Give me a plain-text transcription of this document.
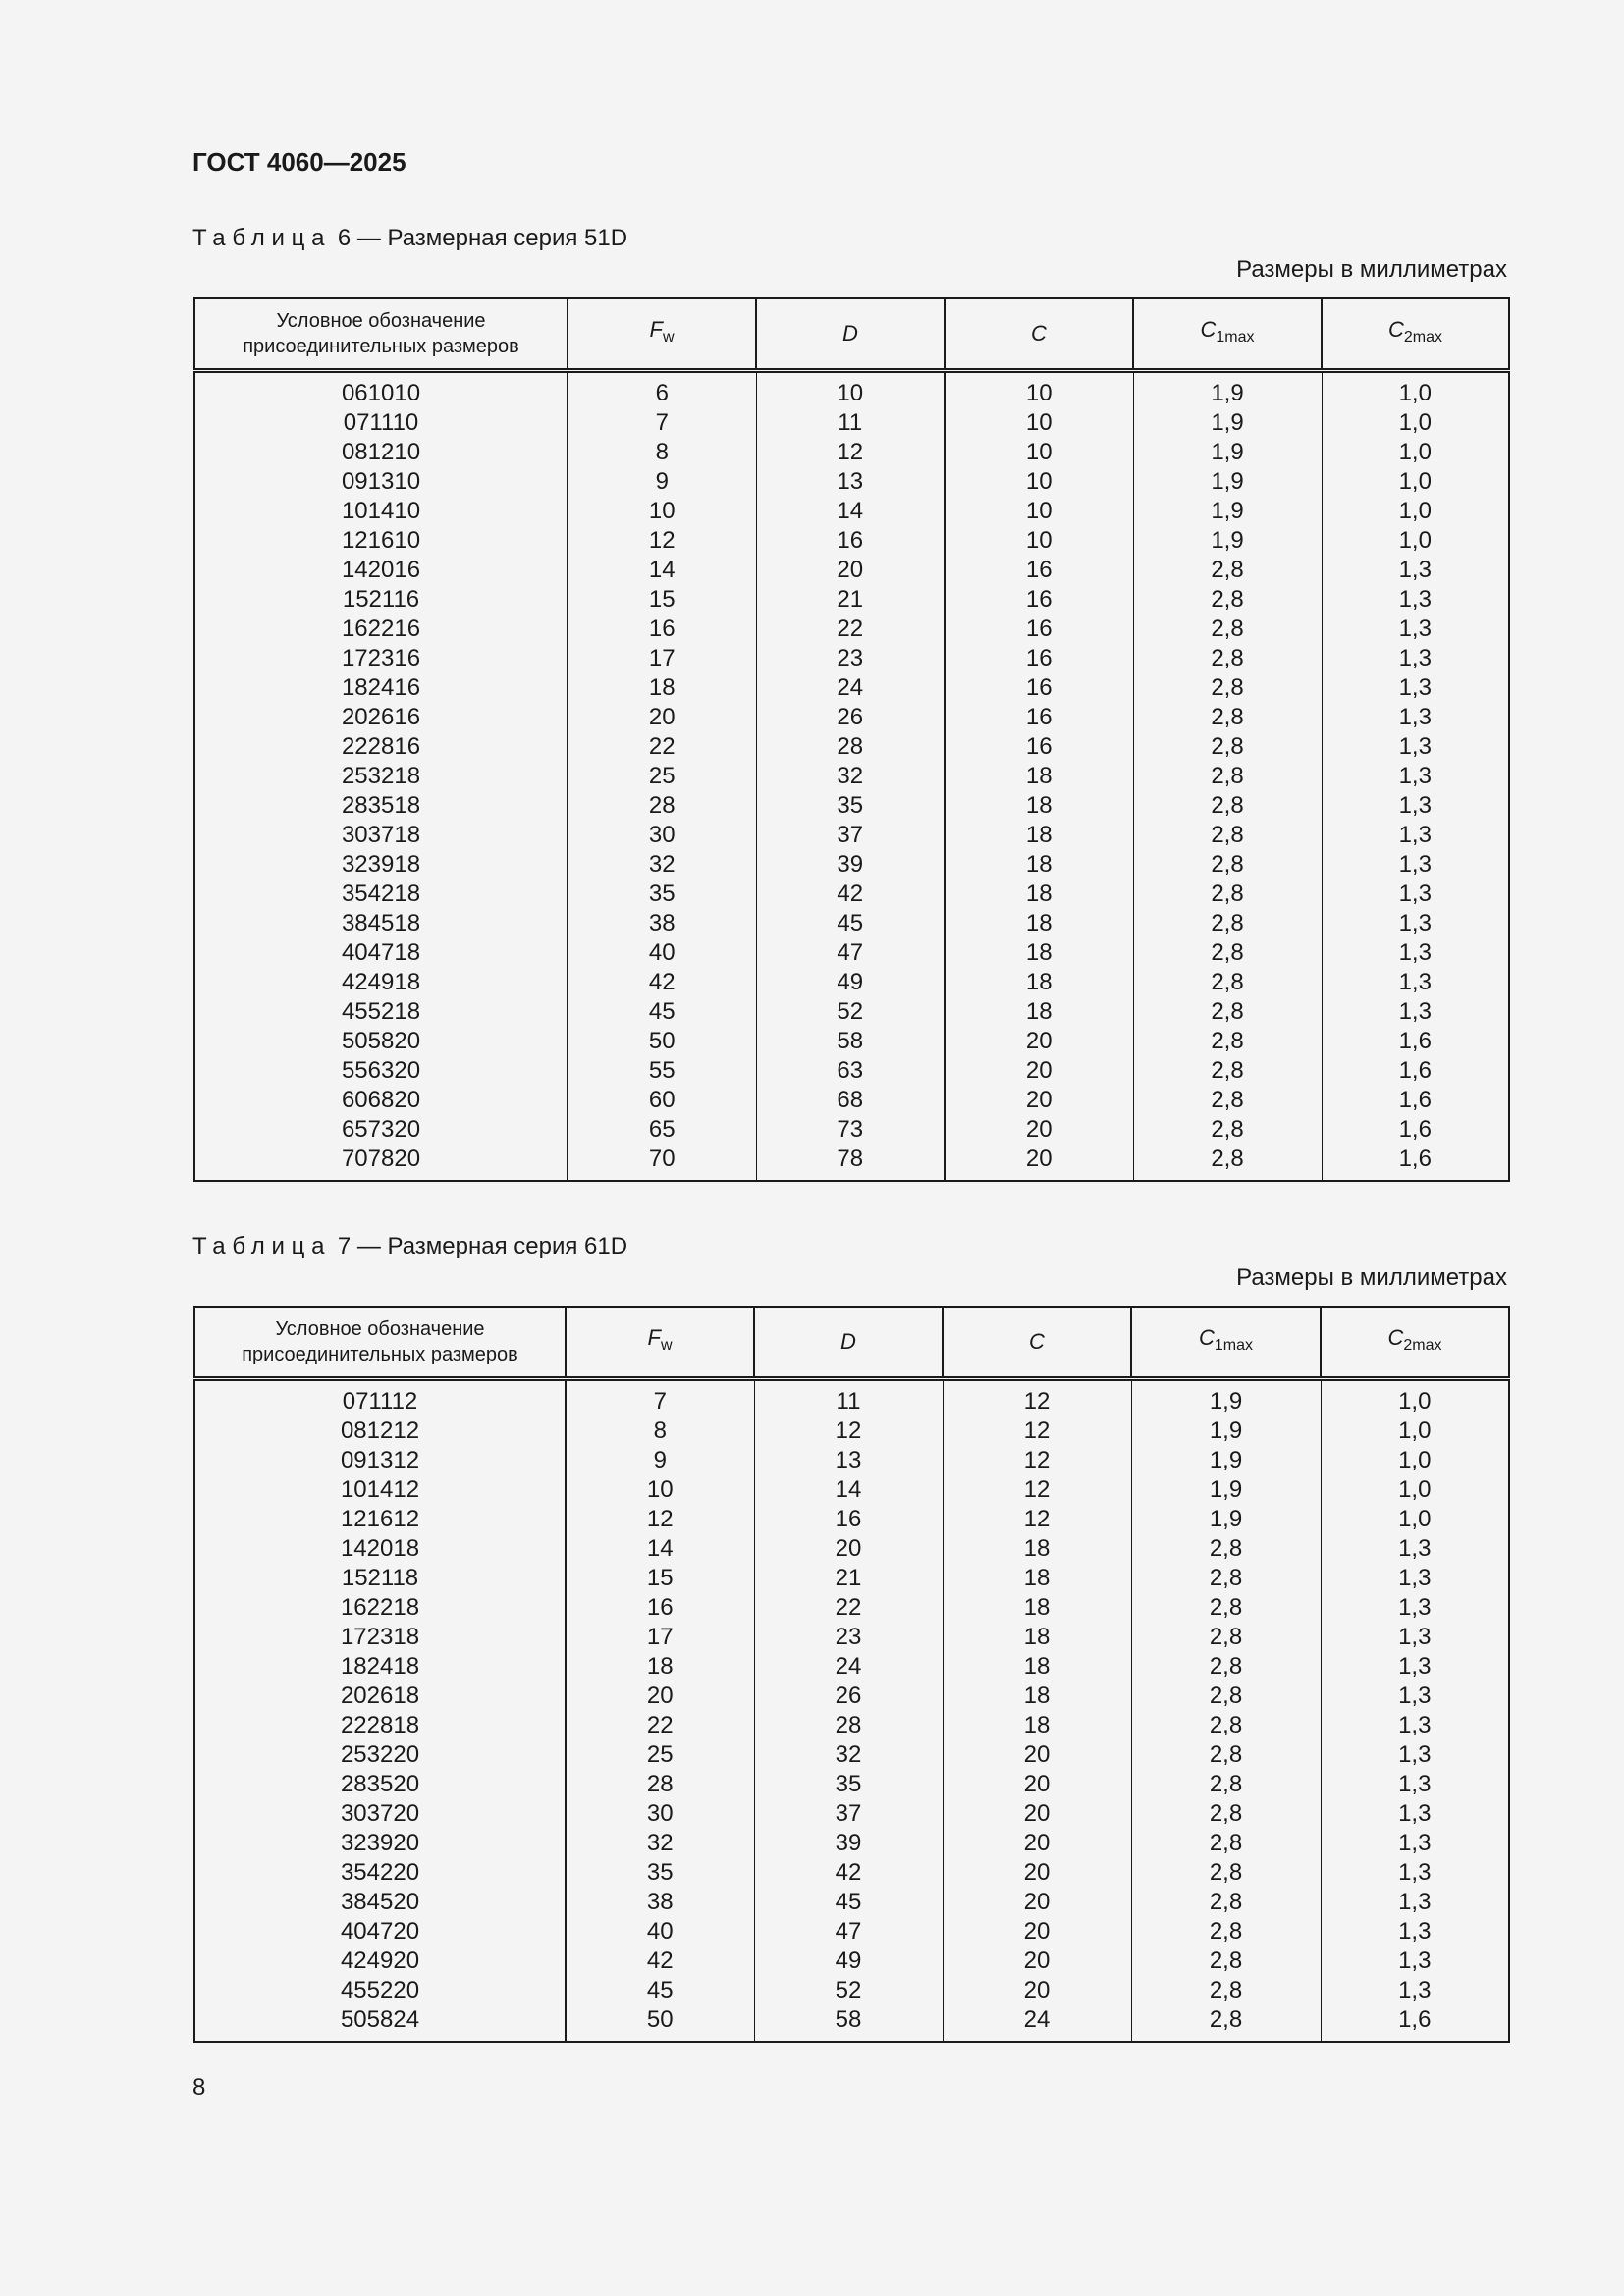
ГОСТ 4060—2025
Таблица 6 — Размерная серия 51D
Размеры в миллиметрах
Условное обозначение
присоединительных размеров	$F_w$	D	C	$C_{1max}$	$C_{2max}$
061010	6	10	10	1,9	1,0
071110	7	11	10	1,9	1,0
081210	8	12	10	1,9	1,0
091310	9	13	10	1,9	1,0
101410	10	14	10	1,9	1,0
121610	12	16	10	1,9	1,0
142016	14	20	16	2,8	1,3
152116	15	21	16	2,8	1,3
162216	16	22	16	2,8	1,3
172316	17	23	16	2,8	1,3
182416	18	24	16	2,8	1,3
202616	20	26	16	2,8	1,3
222816	22	28	16	2,8	1,3
253218	25	32	18	2,8	1,3
283518	28	35	18	2,8	1,3
303718	30	37	18	2,8	1,3
323918	32	39	18	2,8	1,3
354218	35	42	18	2,8	1,3
384518	38	45	18	2,8	1,3
404718	40	47	18	2,8	1,3
424918	42	49	18	2,8	1,3
455218	45	52	18	2,8	1,3
505820	50	58	20	2,8	1,6
556320	55	63	20	2,8	1,6
606820	60	68	20	2,8	1,6
657320	65	73	20	2,8	1,6
707820	70	78	20	2,8	1,6
Таблица 7 — Размерная серия 61D
Размеры в миллиметрах
Условное обозначение
присоединительных размеров	$F_w$	D	C	$C_{1max}$	$C_{2max}$
071112	7	11	12	1,9	1,0
081212	8	12	12	1,9	1,0
091312	9	13	12	1,9	1,0
101412	10	14	12	1,9	1,0
121612	12	16	12	1,9	1,0
142018	14	20	18	2,8	1,3
152118	15	21	18	2,8	1,3
162218	16	22	18	2,8	1,3
172318	17	23	18	2,8	1,3
182418	18	24	18	2,8	1,3
202618	20	26	18	2,8	1,3
222818	22	28	18	2,8	1,3
253220	25	32	20	2,8	1,3
283520	28	35	20	2,8	1,3
303720	30	37	20	2,8	1,3
323920	32	39	20	2,8	1,3
354220	35	42	20	2,8	1,3
384520	38	45	20	2,8	1,3
404720	40	47	20	2,8	1,3
424920	42	49	20	2,8	1,3
455220	45	52	20	2,8	1,3
505824	50	58	24	2,8	1,6
8
